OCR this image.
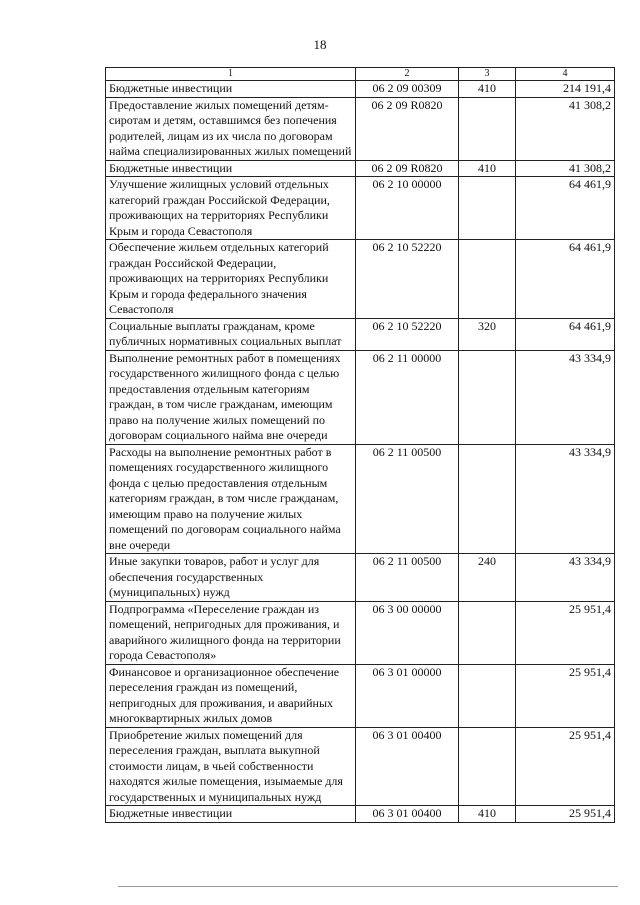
18
1	2	3	4
Бюджетные инвестиции	06 2 09 00309	410	214 191,4
Предоставление жилых помещений детям-сиротам и детям, оставшимся без попечения родителей, лицам из их числа по договорам найма специализированных жилых помещений	06 2 09 R0820		41 308,2
Бюджетные инвестиции	06 2 09 R0820	410	41 308,2
Улучшение жилищных условий отдельных категорий граждан Российской Федерации, проживающих на территориях Республики Крым и города Севастополя	06 2 10 00000		64 461,9
Обеспечение жильем отдельных категорий граждан Российской Федерации, проживающих на территориях Республики Крым и города федерального значения Севастополя	06 2 10 52220		64 461,9
Социальные выплаты гражданам, кроме публичных нормативных социальных выплат	06 2 10 52220	320	64 461,9
Выполнение ремонтных работ в помещениях государственного жилищного фонда с целью предоставления отдельным категориям граждан, в том числе гражданам, имеющим право на получение жилых помещений по договорам социального найма вне очереди	06 2 11 00000		43 334,9
Расходы на выполнение ремонтных работ в помещениях государственного жилищного фонда с целью предоставления отдельным категориям граждан, в том числе гражданам, имеющим право на получение жилых помещений по договорам социального найма вне очереди	06 2 11 00500		43 334,9
Иные закупки товаров, работ и услуг для обеспечения государственных (муниципальных) нужд	06 2 11 00500	240	43 334,9
Подпрограмма «Переселение граждан из помещений, непригодных для проживания, и аварийного жилищного фонда на территории города Севастополя»	06 3 00 00000		25 951,4
Финансовое и организационное обеспечение переселения граждан из помещений, непригодных для проживания, и аварийных многоквартирных жилых домов	06 3 01 00000		25 951,4
Приобретение жилых помещений для переселения граждан, выплата выкупной стоимости лицам, в чьей собственности находятся жилые помещения, изымаемые для государственных и муниципальных нужд	06 3 01 00400		25 951,4
Бюджетные инвестиции	06 3 01 00400	410	25 951,4
